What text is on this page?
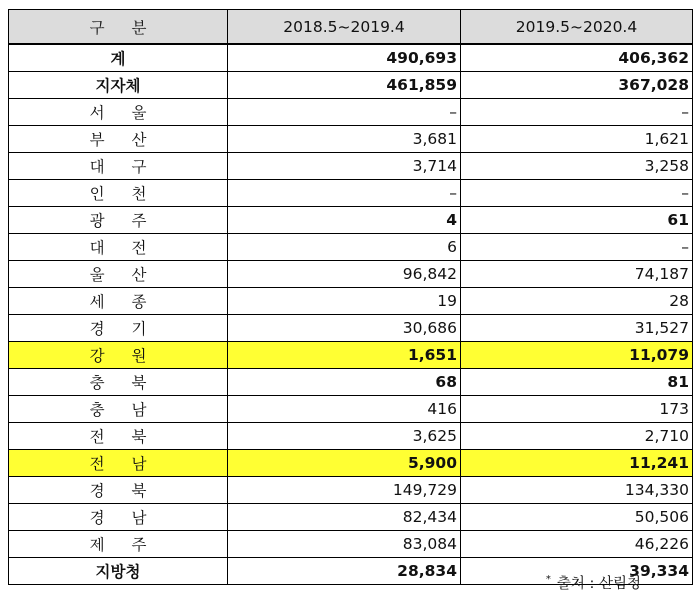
구 분	2018.5~2019.4	2019.5~2020.4
계	490,693	406,362
지자체	461,859	367,028
서 울	–	–
부 산	3,681	1,621
대 구	3,714	3,258
인 천	–	–
광 주	4	61
대 전	6	–
울 산	96,842	74,187
세 종	19	28
경 기	30,686	31,527
강 원	1,651	11,079
충 북	68	81
충 남	416	173
전 북	3,625	2,710
전 남	5,900	11,241
경 북	149,729	134,330
경 남	82,434	50,506
제 주	83,084	46,226
지방청	28,834	39,334
* 출처 : 산림청
